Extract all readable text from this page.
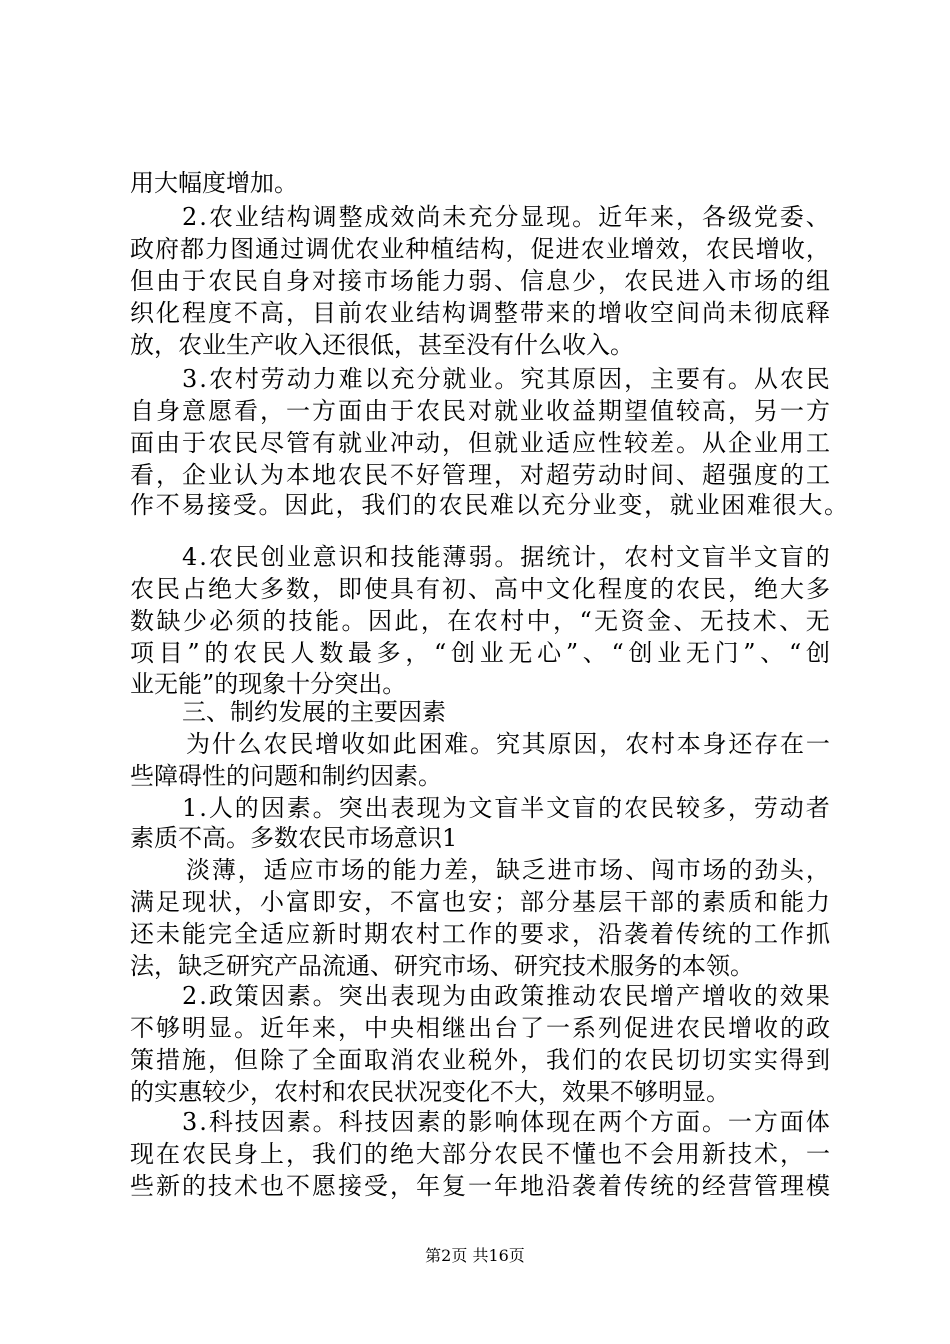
用大幅度增加。
2 . 农 业 结 构 调 整 成 效 尚 未 充 分 显 现 。 近 年 来 ， 各 级 党 委 、
政 府 都 力 图 通 过 调 优 农 业 种 植 结 构 ， 促 进 农 业 增 效 ， 农 民 增 收 ，
但 由 于 农 民 自 身 对 接 市 场 能 力 弱 、 信 息 少 ， 农 民 进 入 市 场 的 组
织 化 程 度 不 高 ， 目 前 农 业 结 构 调 整 带 来 的 增 收 空 间 尚 未 彻 底 释
放，农业生产收入还很低，甚至没有什么收入。
3 . 农 村 劳 动 力 难 以 充 分 就 业 。 究 其 原 因 ， 主 要 有 。 从 农 民
自 身 意 愿 看 ， 一 方 面 由 于 农 民 对 就 业 收 益 期 望 值 较 高 ， 另 一 方
面 由 于 农 民 尽 管 有 就 业 冲 动 ， 但 就 业 适 应 性 较 差 。 从 企 业 用 工
看 ， 企 业 认 为 本 地 农 民 不 好 管 理 ， 对 超 劳 动 时 间 、 超 强 度 的 工
作 不 易 接 受 。 因 此 ， 我 们 的 农 民 难 以 充 分 业 变 ， 就 业 困 难 很 大 。
4 . 农 民 创 业 意 识 和 技 能 薄 弱 。 据 统 计 ， 农 村 文 盲 半 文 盲 的
农 民 占 绝 大 多 数 ， 即 使 具 有 初 、 高 中 文 化 程 度 的 农 民 ， 绝 大 多
数 缺 少 必 须 的 技 能 。 因 此 ， 在 农 村 中 ， “ 无 资 金 、 无 技 术 、 无
项 目 ” 的 农 民 人 数 最 多 ， “ 创 业 无 心 ” 、 “ 创 业 无 门 ” 、 “ 创
业无能”的现象十分突出。
三、制约发展的主要因素
为 什 么 农 民 增 收 如 此 困 难 。 究 其 原 因 ， 农 村 本 身 还 存 在 一
些障碍性的问题和制约因素。
1 . 人 的 因 素 。 突 出 表 现 为 文 盲 半 文 盲 的 农 民 较 多 ， 劳 动 者
素质不高。多数农民市场意识1
淡 薄 ， 适 应 市 场 的 能 力 差 ， 缺 乏 进 市 场 、 闯 市 场 的 劲 头 ，
满 足 现 状 ， 小 富 即 安 ， 不 富 也 安 ； 部 分 基 层 干 部 的 素 质 和 能 力
还 未 能 完 全 适 应 新 时 期 农 村 工 作 的 要 求 ， 沿 袭 着 传 统 的 工 作 抓
法，缺乏研究产品流通、研究市场、研究技术服务的本领。
2 . 政 策 因 素 。 突 出 表 现 为 由 政 策 推 动 农 民 增 产 增 收 的 效 果
不 够 明 显 。 近 年 来 ， 中 央 相 继 出 台 了 一 系 列 促 进 农 民 增 收 的 政
策 措 施 ， 但 除 了 全 面 取 消 农 业 税 外 ， 我 们 的 农 民 切 切 实 实 得 到
的实惠较少，农村和农民状况变化不大，效果不够明显。
3 . 科 技 因 素 。 科 技 因 素 的 影 响 体 现 在 两 个 方 面 。 一 方 面 体
现 在 农 民 身 上 ， 我 们 的 绝 大 部 分 农 民 不 懂 也 不 会 用 新 技 术 ， 一
些 新 的 技 术 也 不 愿 接 受 ， 年 复 一 年 地 沿 袭 着 传 统 的 经 营 管 理 模
第2页 共16页
